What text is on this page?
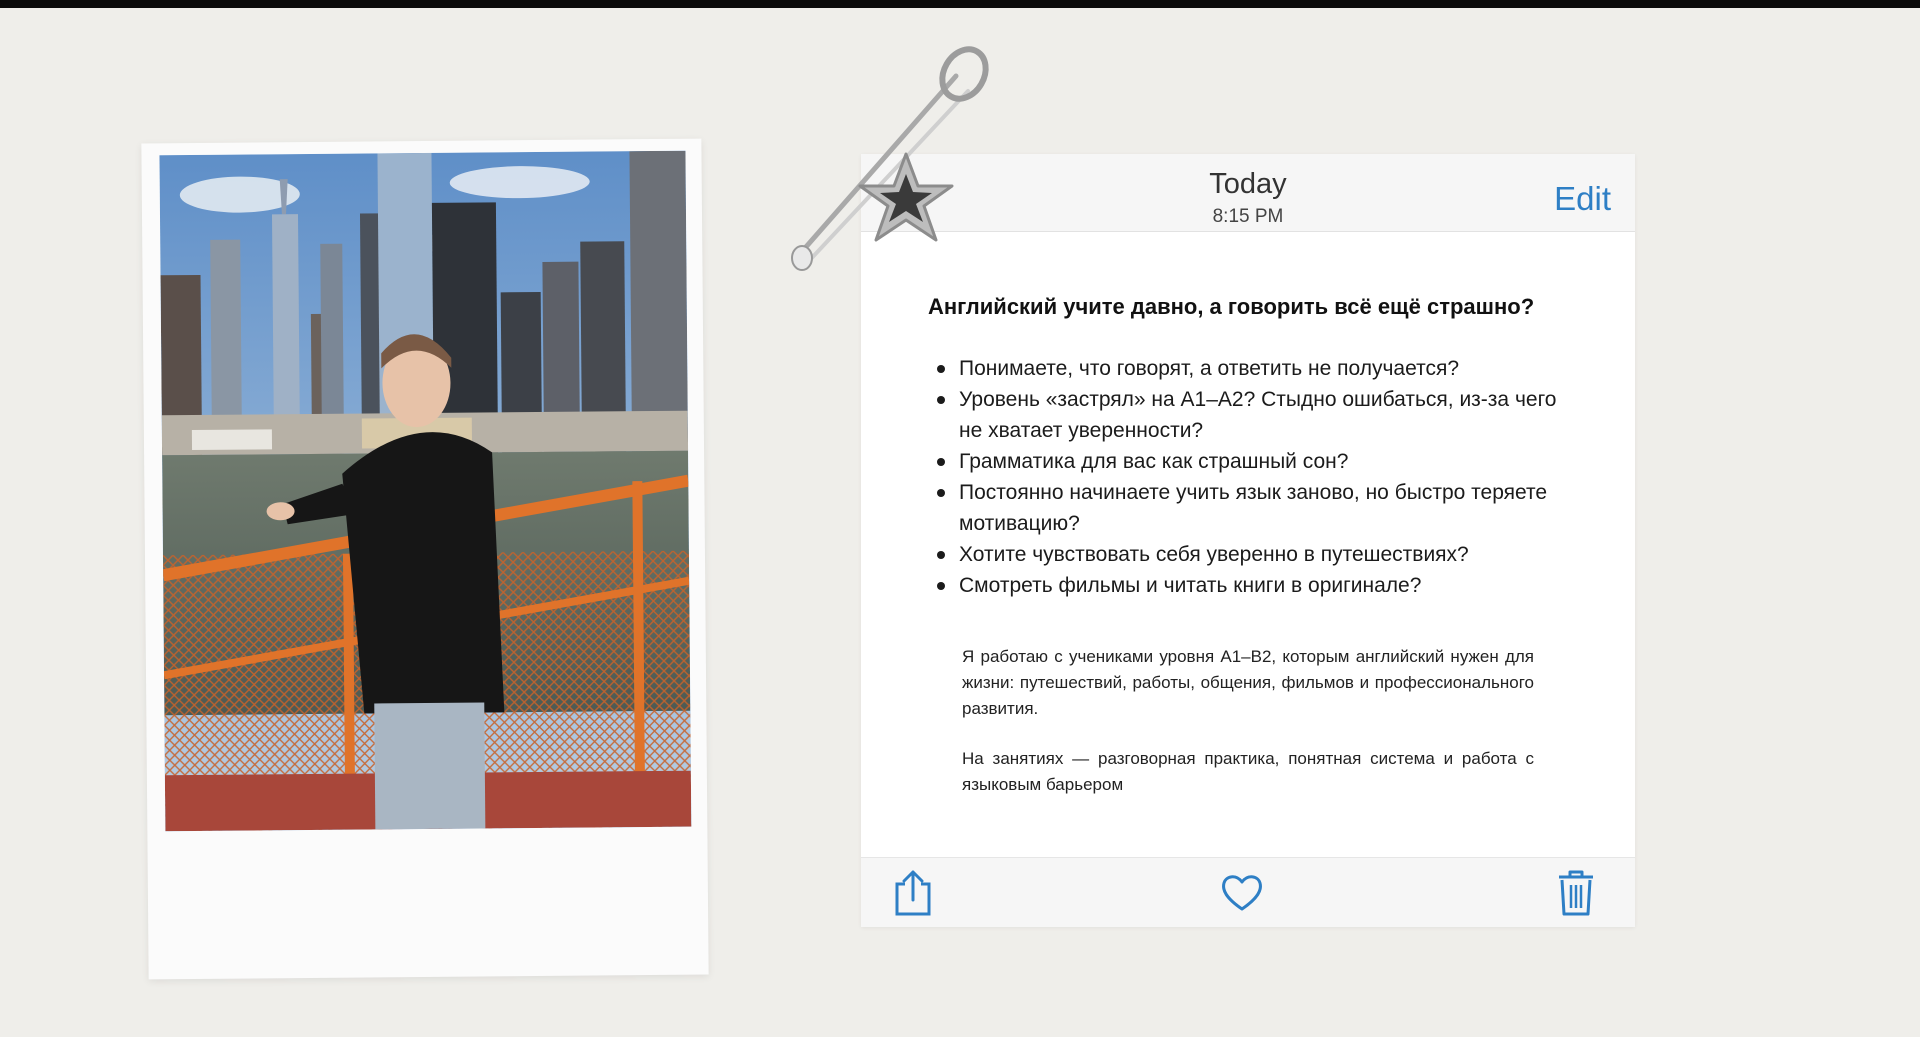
Today
8:15 PM	Edit
Английский учите давно, а говорить всё ещё страшно?
Понимаете, что говорят, а ответить не получается?
Уровень «застрял» на А1–А2? Стыдно ошибаться, из-за чего не хватает уверенности?
Грамматика для вас как страшный сон?
Постоянно начинаете учить язык заново, но быстро теряете мотивацию?
Хотите чувствовать себя уверенно в путешествиях?
Смотреть фильмы и читать книги в оригинале?

Я работаю с учениками уровня А1–В2, которым английский нужен для жизни: путешествий, работы, общения, фильмов и профессионального развития.

На занятиях — разговорная практика, понятная система и работа с языковым барьером
